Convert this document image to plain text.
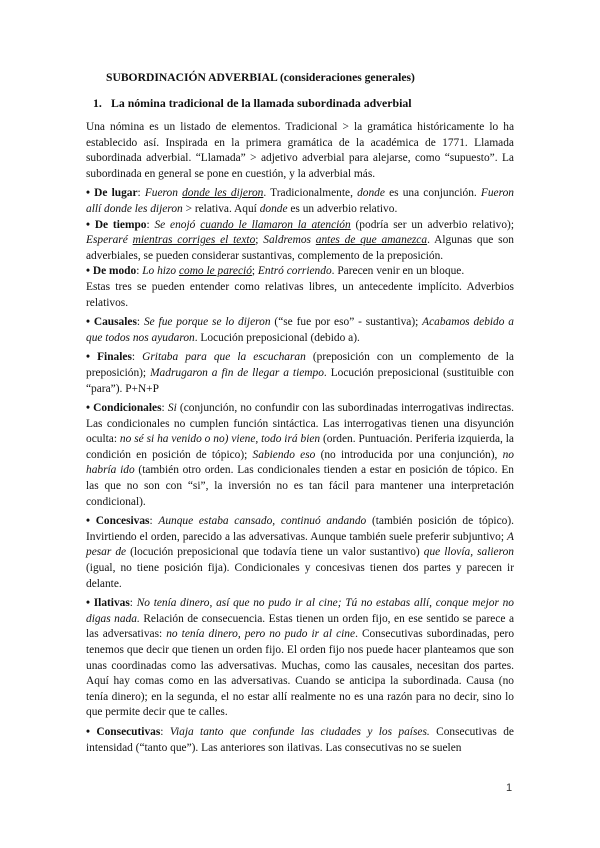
SUBORDINACIÓN ADVERBIAL (consideraciones generales)

1. La nómina tradicional de la llamada subordinada adverbial

Una nómina es un listado de elementos. Tradicional > la gramática históricamente lo ha establecido así. Inspirada en la primera gramática de la académica de 1771. Llamada subordinada adverbial. “Llamada” > adjetivo adverbial para alejarse, como “supuesto”. La subordinada en general se pone en cuestión, y la adverbial más.

• De lugar: Fueron donde les dijeron. Tradicionalmente, donde es una conjunción. Fueron allí donde les dijeron > relativa. Aquí donde es un adverbio relativo.

• De tiempo: Se enojó cuando le llamaron la atención (podría ser un adverbio relativo); Esperaré mientras corriges el texto; Saldremos antes de que amanezca. Algunas que son adverbiales, se pueden considerar sustantivas, complemento de la preposición.

• De modo: Lo hizo como le pareció; Entró corriendo. Parecen venir en un bloque.

Estas tres se pueden entender como relativas libres, un antecedente implícito. Adverbios relativos.

• Causales: Se fue porque se lo dijeron (“se fue por eso” - sustantiva); Acabamos debido a que todos nos ayudaron. Locución preposicional (debido a).

• Finales: Gritaba para que la escucharan (preposición con un complemento de la preposición); Madrugaron a fin de llegar a tiempo. Locución preposicional (sustituible con “para”). P+N+P

• Condicionales: Si (conjunción, no confundir con las subordinadas interrogativas indirectas. Las condicionales no cumplen función sintáctica. Las interrogativas tienen una disyunción oculta: no sé si ha venido o no) viene, todo irá bien (orden. Puntuación. Periferia izquierda, la condición en posición de tópico); Sabiendo eso (no introducida por una conjunción), no habría ido (también otro orden. Las condicionales tienden a estar en posición de tópico. En las que no son con “si”, la inversión no es tan fácil para mantener una interpretación condicional).

• Concesivas: Aunque estaba cansado, continuó andando (también posición de tópico). Invirtiendo el orden, parecido a las adversativas. Aunque también suele preferir subjuntivo; A pesar de (locución preposicional que todavía tiene un valor sustantivo) que llovía, salieron (igual, no tiene posición fija). Condicionales y concesivas tienen dos partes y parecen ir delante.

• Ilativas: No tenía dinero, así que no pudo ir al cine; Tú no estabas allí, conque mejor no digas nada. Relación de consecuencia. Estas tienen un orden fijo, en ese sentido se parece a las adversativas: no tenía dinero, pero no pudo ir al cine. Consecutivas subordinadas, pero tenemos que decir que tienen un orden fijo. El orden fijo nos puede hacer planteamos que son unas coordinadas como las adversativas. Muchas, como las causales, necesitan dos partes. Aquí hay comas como en las adversativas. Cuando se anticipa la subordinada. Causa (no tenía dinero); en la segunda, el no estar allí realmente no es una razón para no decir, sino lo que permite decir que te calles.

• Consecutivas: Viaja tanto que confunde las ciudades y los países. Consecutivas de intensidad (“tanto que”). Las anteriores son ilativas. Las consecutivas no se suelen

1
